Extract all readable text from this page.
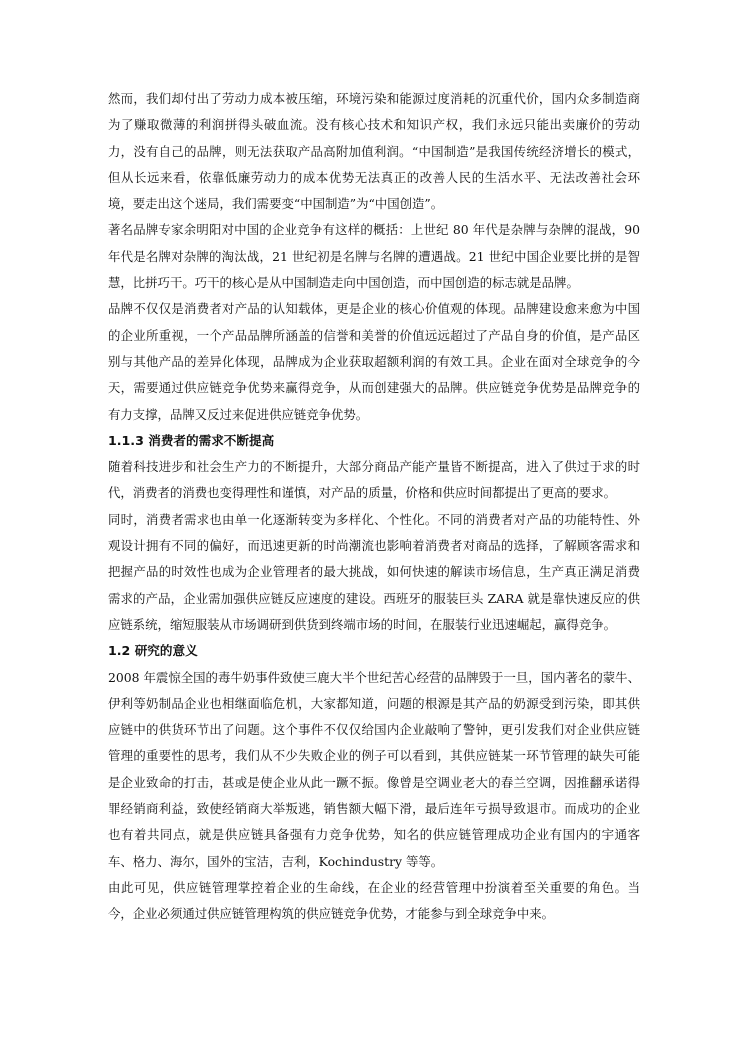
然而，我们却付出了劳动力成本被压缩，环境污染和能源过度消耗的沉重代价，国内众多制造商为了赚取微薄的利润拼得头破血流。没有核心技术和知识产权，我们永远只能出卖廉价的劳动力，没有自己的品牌，则无法获取产品高附加值利润。“中国制造”是我国传统经济增长的模式，但从长远来看，依靠低廉劳动力的成本优势无法真正的改善人民的生活水平、无法改善社会环境，要走出这个迷局，我们需要变“中国制造”为“中国创造”。

著名品牌专家余明阳对中国的企业竞争有这样的概括：上世纪 80 年代是杂牌与杂牌的混战，90 年代是名牌对杂牌的淘汰战，21 世纪初是名牌与名牌的遭遇战。21 世纪中国企业要比拼的是智慧，比拼巧干。巧干的核心是从中国制造走向中国创造，而中国创造的标志就是品牌。

品牌不仅仅是消费者对产品的认知载体，更是企业的核心价值观的体现。品牌建设愈来愈为中国的企业所重视，一个产品品牌所涵盖的信誉和美誉的价值远远超过了产品自身的价值，是产品区别与其他产品的差异化体现，品牌成为企业获取超额利润的有效工具。企业在面对全球竞争的今天，需要通过供应链竞争优势来赢得竞争，从而创建强大的品牌。供应链竞争优势是品牌竞争的有力支撑，品牌又反过来促进供应链竞争优势。

1.1.3 消费者的需求不断提高

随着科技进步和社会生产力的不断提升，大部分商品产能产量皆不断提高，进入了供过于求的时代，消费者的消费也变得理性和谨慎，对产品的质量，价格和供应时间都提出了更高的要求。

同时，消费者需求也由单一化逐渐转变为多样化、个性化。不同的消费者对产品的功能特性、外观设计拥有不同的偏好，而迅速更新的时尚潮流也影响着消费者对商品的选择，了解顾客需求和把握产品的时效性也成为企业管理者的最大挑战，如何快速的解读市场信息，生产真正满足消费需求的产品，企业需加强供应链反应速度的建设。西班牙的服装巨头 ZARA 就是靠快速反应的供应链系统，缩短服装从市场调研到供货到终端市场的时间，在服装行业迅速崛起，赢得竞争。

1.2 研究的意义

2008 年震惊全国的毒牛奶事件致使三鹿大半个世纪苦心经营的品牌毁于一旦，国内著名的蒙牛、伊利等奶制品企业也相继面临危机，大家都知道，问题的根源是其产品的奶源受到污染，即其供应链中的供货环节出了问题。这个事件不仅仅给国内企业敲响了警钟，更引发我们对企业供应链管理的重要性的思考，我们从不少失败企业的例子可以看到，其供应链某一环节管理的缺失可能是企业致命的打击，甚或是使企业从此一蹶不振。像曾是空调业老大的春兰空调，因推翻承诺得罪经销商利益，致使经销商大举叛逃，销售额大幅下滑，最后连年亏损导致退市。而成功的企业也有着共同点，就是供应链具备强有力竞争优势，知名的供应链管理成功企业有国内的宇通客车、格力、海尔，国外的宝洁，吉利，Kochindustry 等等。

由此可见，供应链管理掌控着企业的生命线，在企业的经营管理中扮演着至关重要的角色。当今，企业必须通过供应链管理构筑的供应链竞争优势，才能参与到全球竞争中来。
